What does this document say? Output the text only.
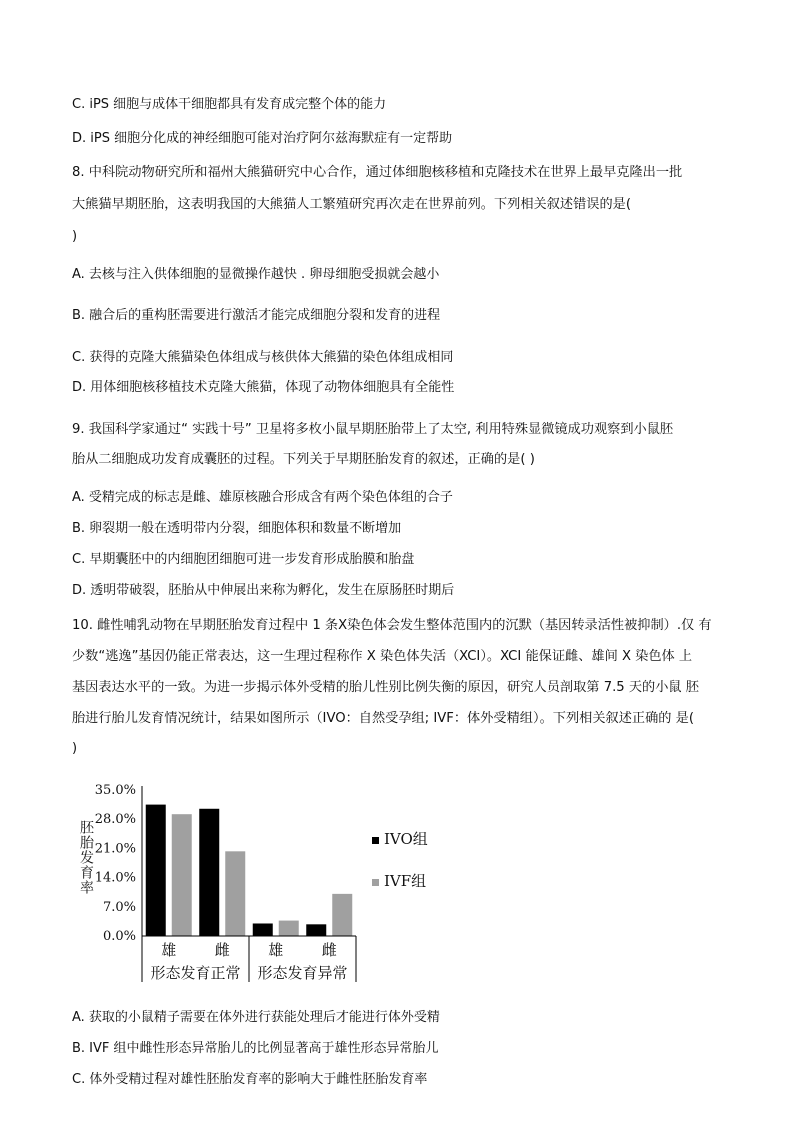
C. iPS 细胞与成体干细胞都具有发育成完整个体的能力
D. iPS 细胞分化成的神经细胞可能对治疗阿尔兹海默症有一定帮助
8. 中科院动物研究所和福州大熊猫研究中心合作，通过体细胞核移植和克隆技术在世界上最早克隆出一批
大熊猫早期胚胎，这表明我国的大熊猫人工繁殖研究再次走在世界前列。下列相关叙述错误的是(
)
A. 去核与注入供体细胞的显微操作越快 . 卵母细胞受损就会越小
B. 融合后的重构胚需要进行激活才能完成细胞分裂和发育的进程
C. 获得的克隆大熊猫染色体组成与核供体大熊猫的染色体组成相同
D. 用体细胞核移植技术克隆大熊猫，体现了动物体细胞具有全能性
9. 我国科学家通过“ 实践十号” 卫星将多枚小鼠早期胚胎带上了太空, 利用特殊显微镜成功观察到小鼠胚
胎从二细胞成功发育成囊胚的过程。下列关于早期胚胎发育的叙述，正确的是( )
A. 受精完成的标志是雌、雄原核融合形成含有两个染色体组的合子
B. 卵裂期一般在透明带内分裂，细胞体积和数量不断增加
C. 早期囊胚中的内细胞团细胞可进一步发育形成胎膜和胎盘
D. 透明带破裂，胚胎从中伸展出来称为孵化，发生在原肠胚时期后
10. 雌性哺乳动物在早期胚胎发育过程中 1 条X染色体会发生整体范围内的沉默（基因转录活性被抑制）.仅 有
少数“逃逸”基因仍能正常表达，这一生理过程称作 X 染色体失活（XCI）。XCI 能保证雌、雄间 X 染色体 上
基因表达水平的一致。为进一步揭示体外受精的胎儿性别比例失衡的原因，研究人员剖取第 7.5 天的小鼠 胚
胎进行胎儿发育情况统计，结果如图所示（IVO：自然受孕组; IVF：体外受精组）。下列相关叙述正确的 是(
)
A. 获取的小鼠精子需要在体外进行获能处理后才能进行体外受精
B. IVF 组中雌性形态异常胎儿的比例显著高于雄性形态异常胎儿
C. 体外受精过程对雄性胚胎发育率的影响大于雌性胚胎发育率
35.0%
28.0%
21.0%
14.0%
7.0%
0.0%
胚胎发育率
雄	雌	雄	雌
形态发育正常 形态发育异常
IVO组
IVF组
